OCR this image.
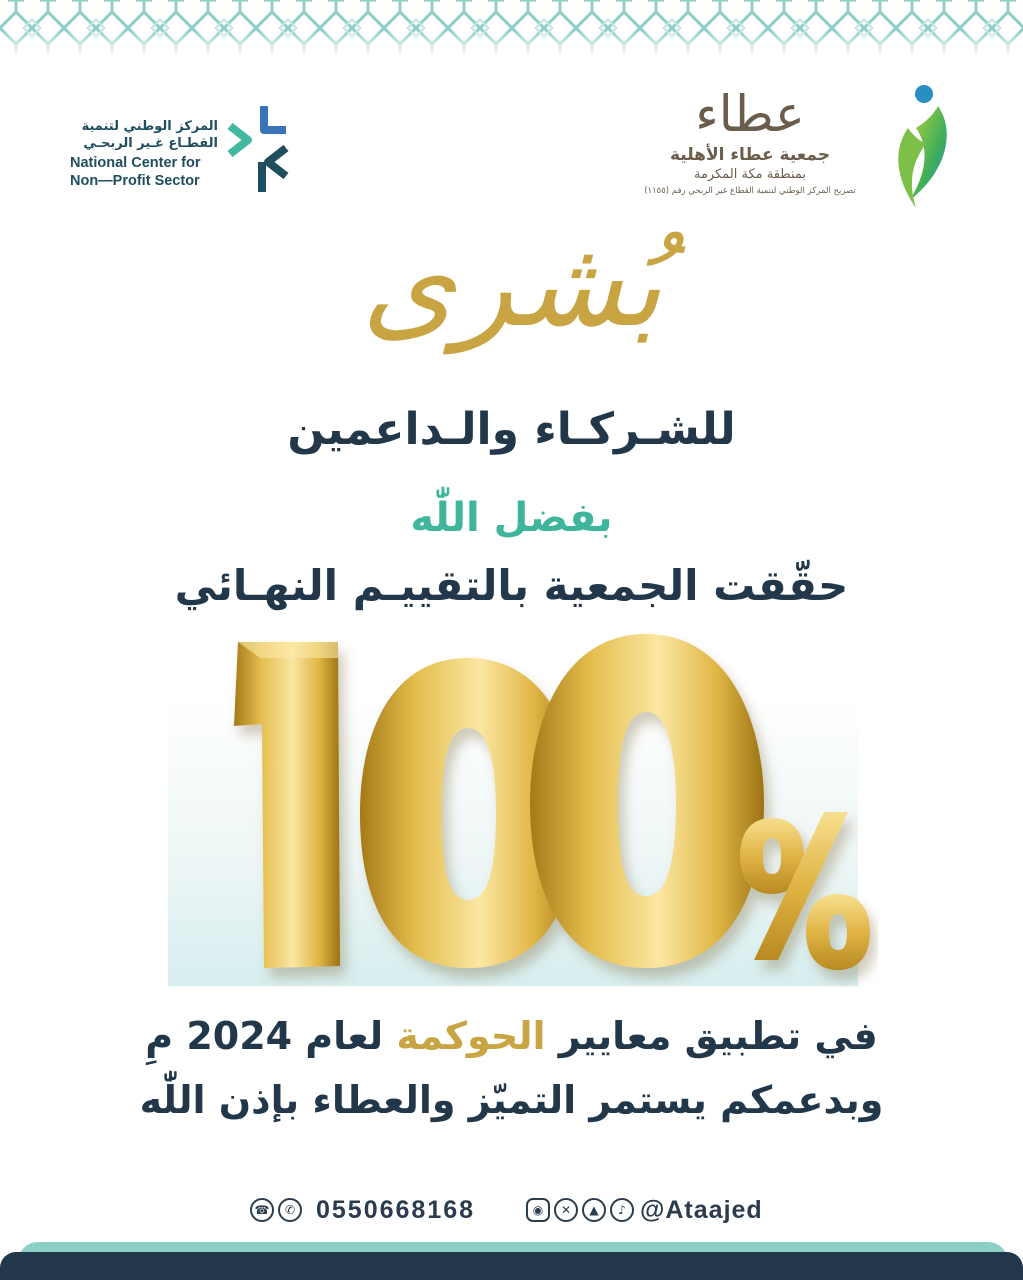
المركز الوطني لتنمية
القطـاع غـير الربحـي
National Center for
Non—Profit Sector
عطاء
جمعية عطاء الأهلية
بمنطقة مكة المكرمة
تصريح المركز الوطني لتنمية القطاع غير الربحي رقم (١١٥٥)
بُشرى
للشـركـاء والـداعمين
بفضل اللّٰه
حقّقت الجمعية بالتقييـم النهـائي
100%
في تطبيق معايير الحوكمة لعام 2024 مِ
وبدعمكم يستمر التميّز والعطاء بإذن اللّٰه
☎	✆ 0550668168	◉	✕	▲	♪ @Ataajed
